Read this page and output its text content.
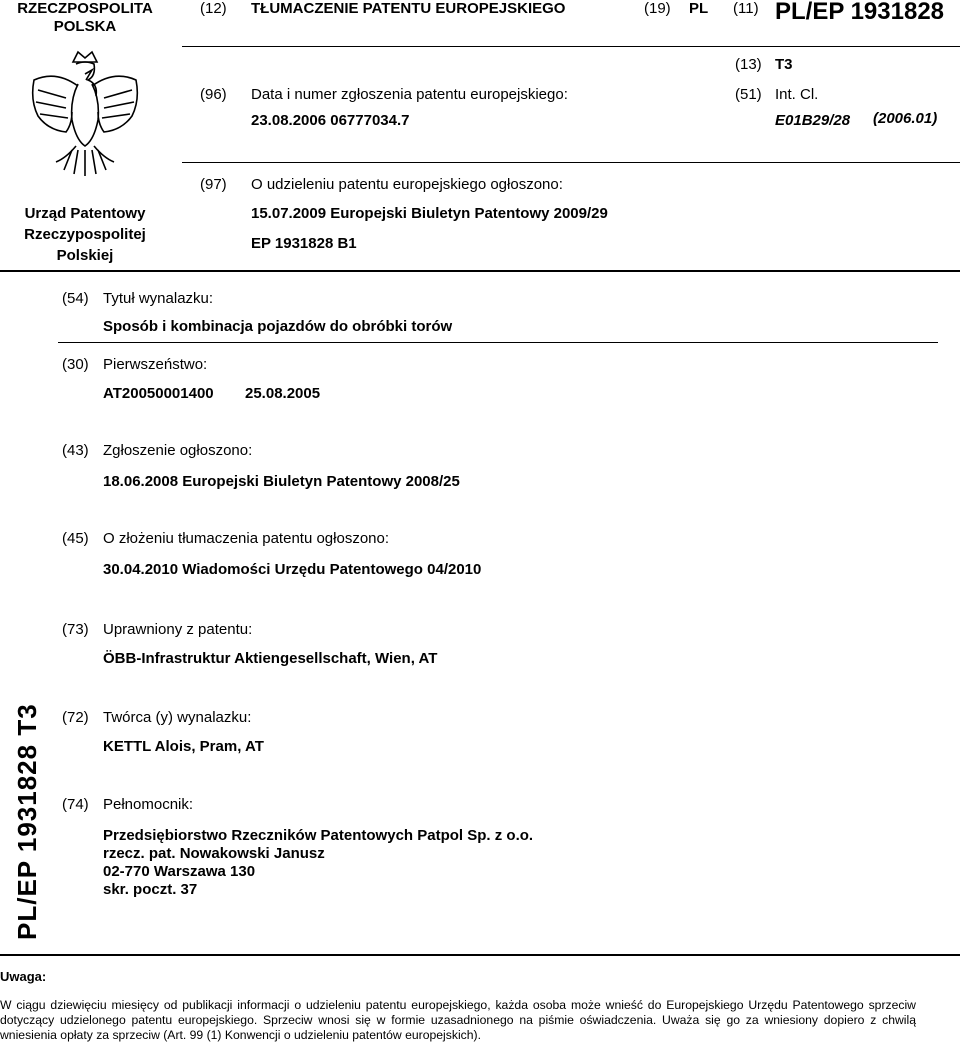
RZECZPOSPOLITA POLSKA
Urząd Patentowy Rzeczypospolitej Polskiej
(12) TŁUMACZENIE PATENTU EUROPEJSKIEGO	(19) PL (11) PL/EP 1931828
(13) T3
(96) Data i numer zgłoszenia patentu europejskiego:
23.08.2006 06777034.7
(51) Int. Cl.
E01B29/28 (2006.01)
(97) O udzieleniu patentu europejskiego ogłoszono:
15.07.2009 Europejski Biuletyn Patentowy 2009/29
EP 1931828 B1
(54) Tytuł wynalazku:
Sposób i kombinacja pojazdów do obróbki torów
(30) Pierwszeństwo:
AT20050001400 25.08.2005
(43) Zgłoszenie ogłoszono:
18.06.2008 Europejski Biuletyn Patentowy 2008/25
(45) O złożeniu tłumaczenia patentu ogłoszono:
30.04.2010 Wiadomości Urzędu Patentowego 04/2010
(73) Uprawniony z patentu:
ÖBB-Infrastruktur Aktiengesellschaft, Wien, AT
(72) Twórca (y) wynalazku:
KETTL Alois, Pram, AT
(74) Pełnomocnik:
Przedsiębiorstwo Rzeczników Patentowych Patpol Sp. z o.o.
rzecz. pat. Nowakowski Janusz
02-770 Warszawa 130
skr. poczt. 37
PL/EP 1931828 T3
Uwaga:
W ciągu dziewięciu miesięcy od publikacji informacji o udzieleniu patentu europejskiego, każda osoba może wnieść do Europejskiego Urzędu Patentowego sprzeciw dotyczący udzielonego patentu europejskiego. Sprzeciw wnosi się w formie uzasadnionego na piśmie oświadczenia. Uważa się go za wniesiony dopiero z chwilą wniesienia opłaty za sprzeciw (Art. 99 (1) Konwencji o udzieleniu patentów europejskich).
